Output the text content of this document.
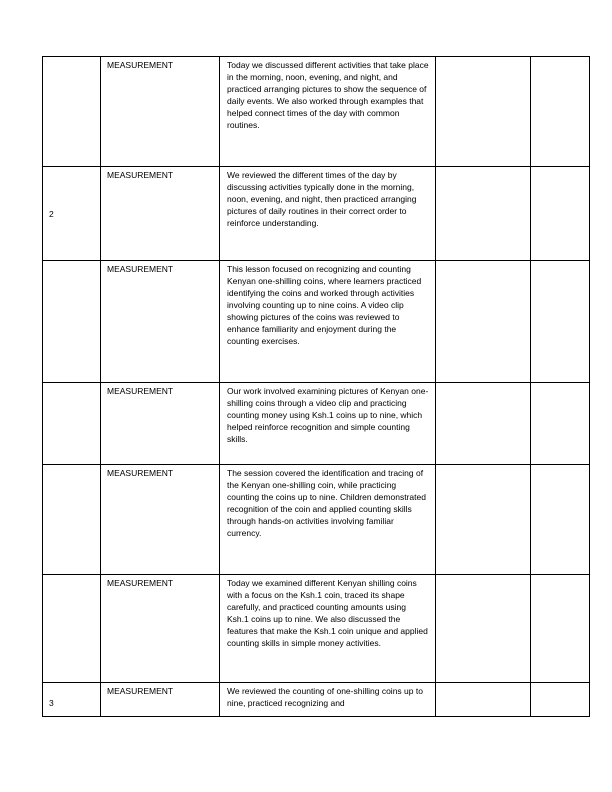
	MEASUREMENT	Today we discussed different activities that take place in the morning, noon, evening, and night, and practiced arranging pictures to show the sequence of daily events. We also worked through examples that helped connect times of the day with common routines.		

2	MEASUREMENT	We reviewed the different times of the day by discussing activities typically done in the morning, noon, evening, and night, then practiced arranging pictures of daily routines in their correct order to reinforce understanding.		

	MEASUREMENT	This lesson focused on recognizing and counting Kenyan one-shilling coins, where learners practiced identifying the coins and worked through activities involving counting up to nine coins. A video clip showing pictures of the coins was reviewed to enhance familiarity and enjoyment during the counting exercises.		

	MEASUREMENT	Our work involved examining pictures of Kenyan one-shilling coins through a video clip and practicing counting money using Ksh.1 coins up to nine, which helped reinforce recognition and simple counting skills.		

	MEASUREMENT	The session covered the identification and tracing of the Kenyan one-shilling coin, while practicing counting the coins up to nine. Children demonstrated recognition of the coin and applied counting skills through hands-on activities involving familiar currency.		

	MEASUREMENT	Today we examined different Kenyan shilling coins with a focus on the Ksh.1 coin, traced its shape carefully, and practiced counting amounts using Ksh.1 coins up to nine. We also discussed the features that make the Ksh.1 coin unique and applied counting skills in simple money activities.		

3	MEASUREMENT	We reviewed the counting of one-shilling coins up to nine, practiced recognizing and		
